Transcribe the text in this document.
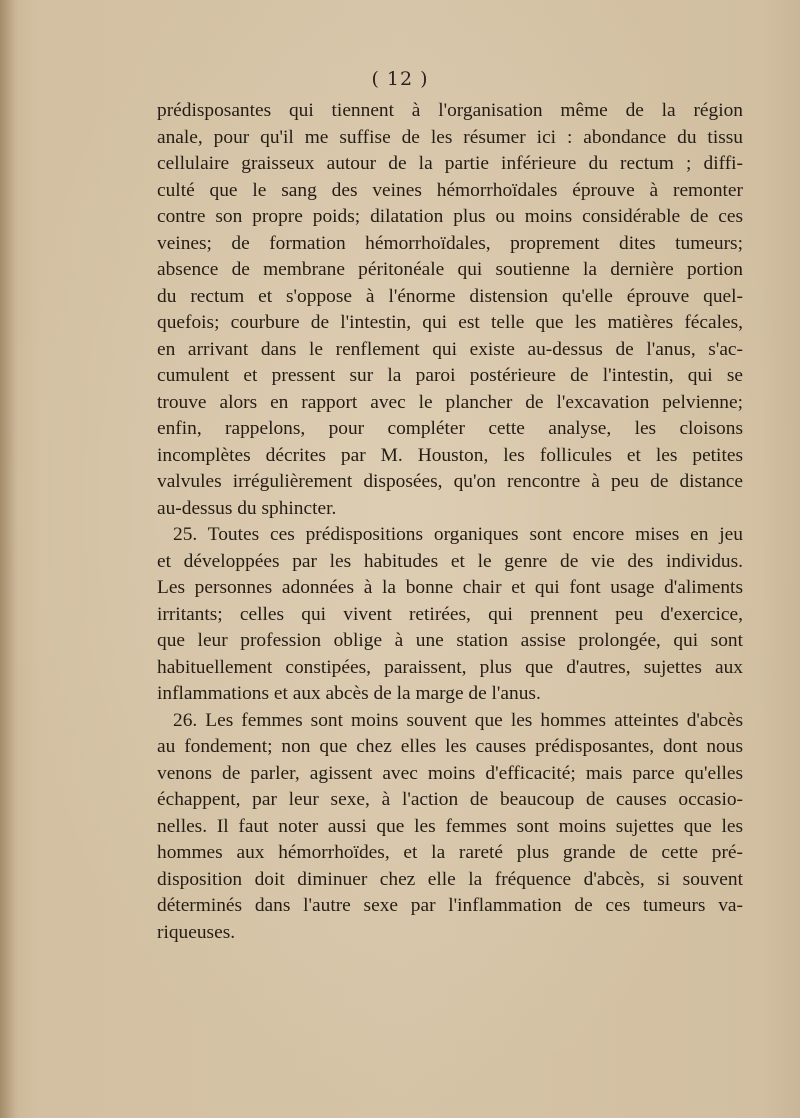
( 12 )
prédisposantes qui tiennent à l'organisation même de la région
anale, pour qu'il me suffise de les résumer ici : abondance du tissu
cellulaire graisseux autour de la partie inférieure du rectum ; diffi-
culté que le sang des veines hémorrhoïdales éprouve à remonter
contre son propre poids; dilatation plus ou moins considérable de ces
veines; de formation hémorrhoïdales, proprement dites tumeurs;
absence de membrane péritonéale qui soutienne la dernière portion
du rectum et s'oppose à l'énorme distension qu'elle éprouve quel-
quefois; courbure de l'intestin, qui est telle que les matières fécales,
en arrivant dans le renflement qui existe au-dessus de l'anus, s'ac-
cumulent et pressent sur la paroi postérieure de l'intestin, qui se
trouve alors en rapport avec le plancher de l'excavation pelvienne;
enfin, rappelons, pour compléter cette analyse, les cloisons
incomplètes décrites par M. Houston, les follicules et les petites
valvules irrégulièrement disposées, qu'on rencontre à peu de distance
au-dessus du sphincter.
25. Toutes ces prédispositions organiques sont encore mises en jeu
et développées par les habitudes et le genre de vie des individus.
Les personnes adonnées à la bonne chair et qui font usage d'aliments
irritants; celles qui vivent retirées, qui prennent peu d'exercice,
que leur profession oblige à une station assise prolongée, qui sont
habituellement constipées, paraissent, plus que d'autres, sujettes aux
inflammations et aux abcès de la marge de l'anus.
26. Les femmes sont moins souvent que les hommes atteintes d'abcès
au fondement; non que chez elles les causes prédisposantes, dont nous
venons de parler, agissent avec moins d'efficacité; mais parce qu'elles
échappent, par leur sexe, à l'action de beaucoup de causes occasio-
nelles. Il faut noter aussi que les femmes sont moins sujettes que les
hommes aux hémorrhoïdes, et la rareté plus grande de cette pré-
disposition doit diminuer chez elle la fréquence d'abcès, si souvent
déterminés dans l'autre sexe par l'inflammation de ces tumeurs va-
riqueuses.
